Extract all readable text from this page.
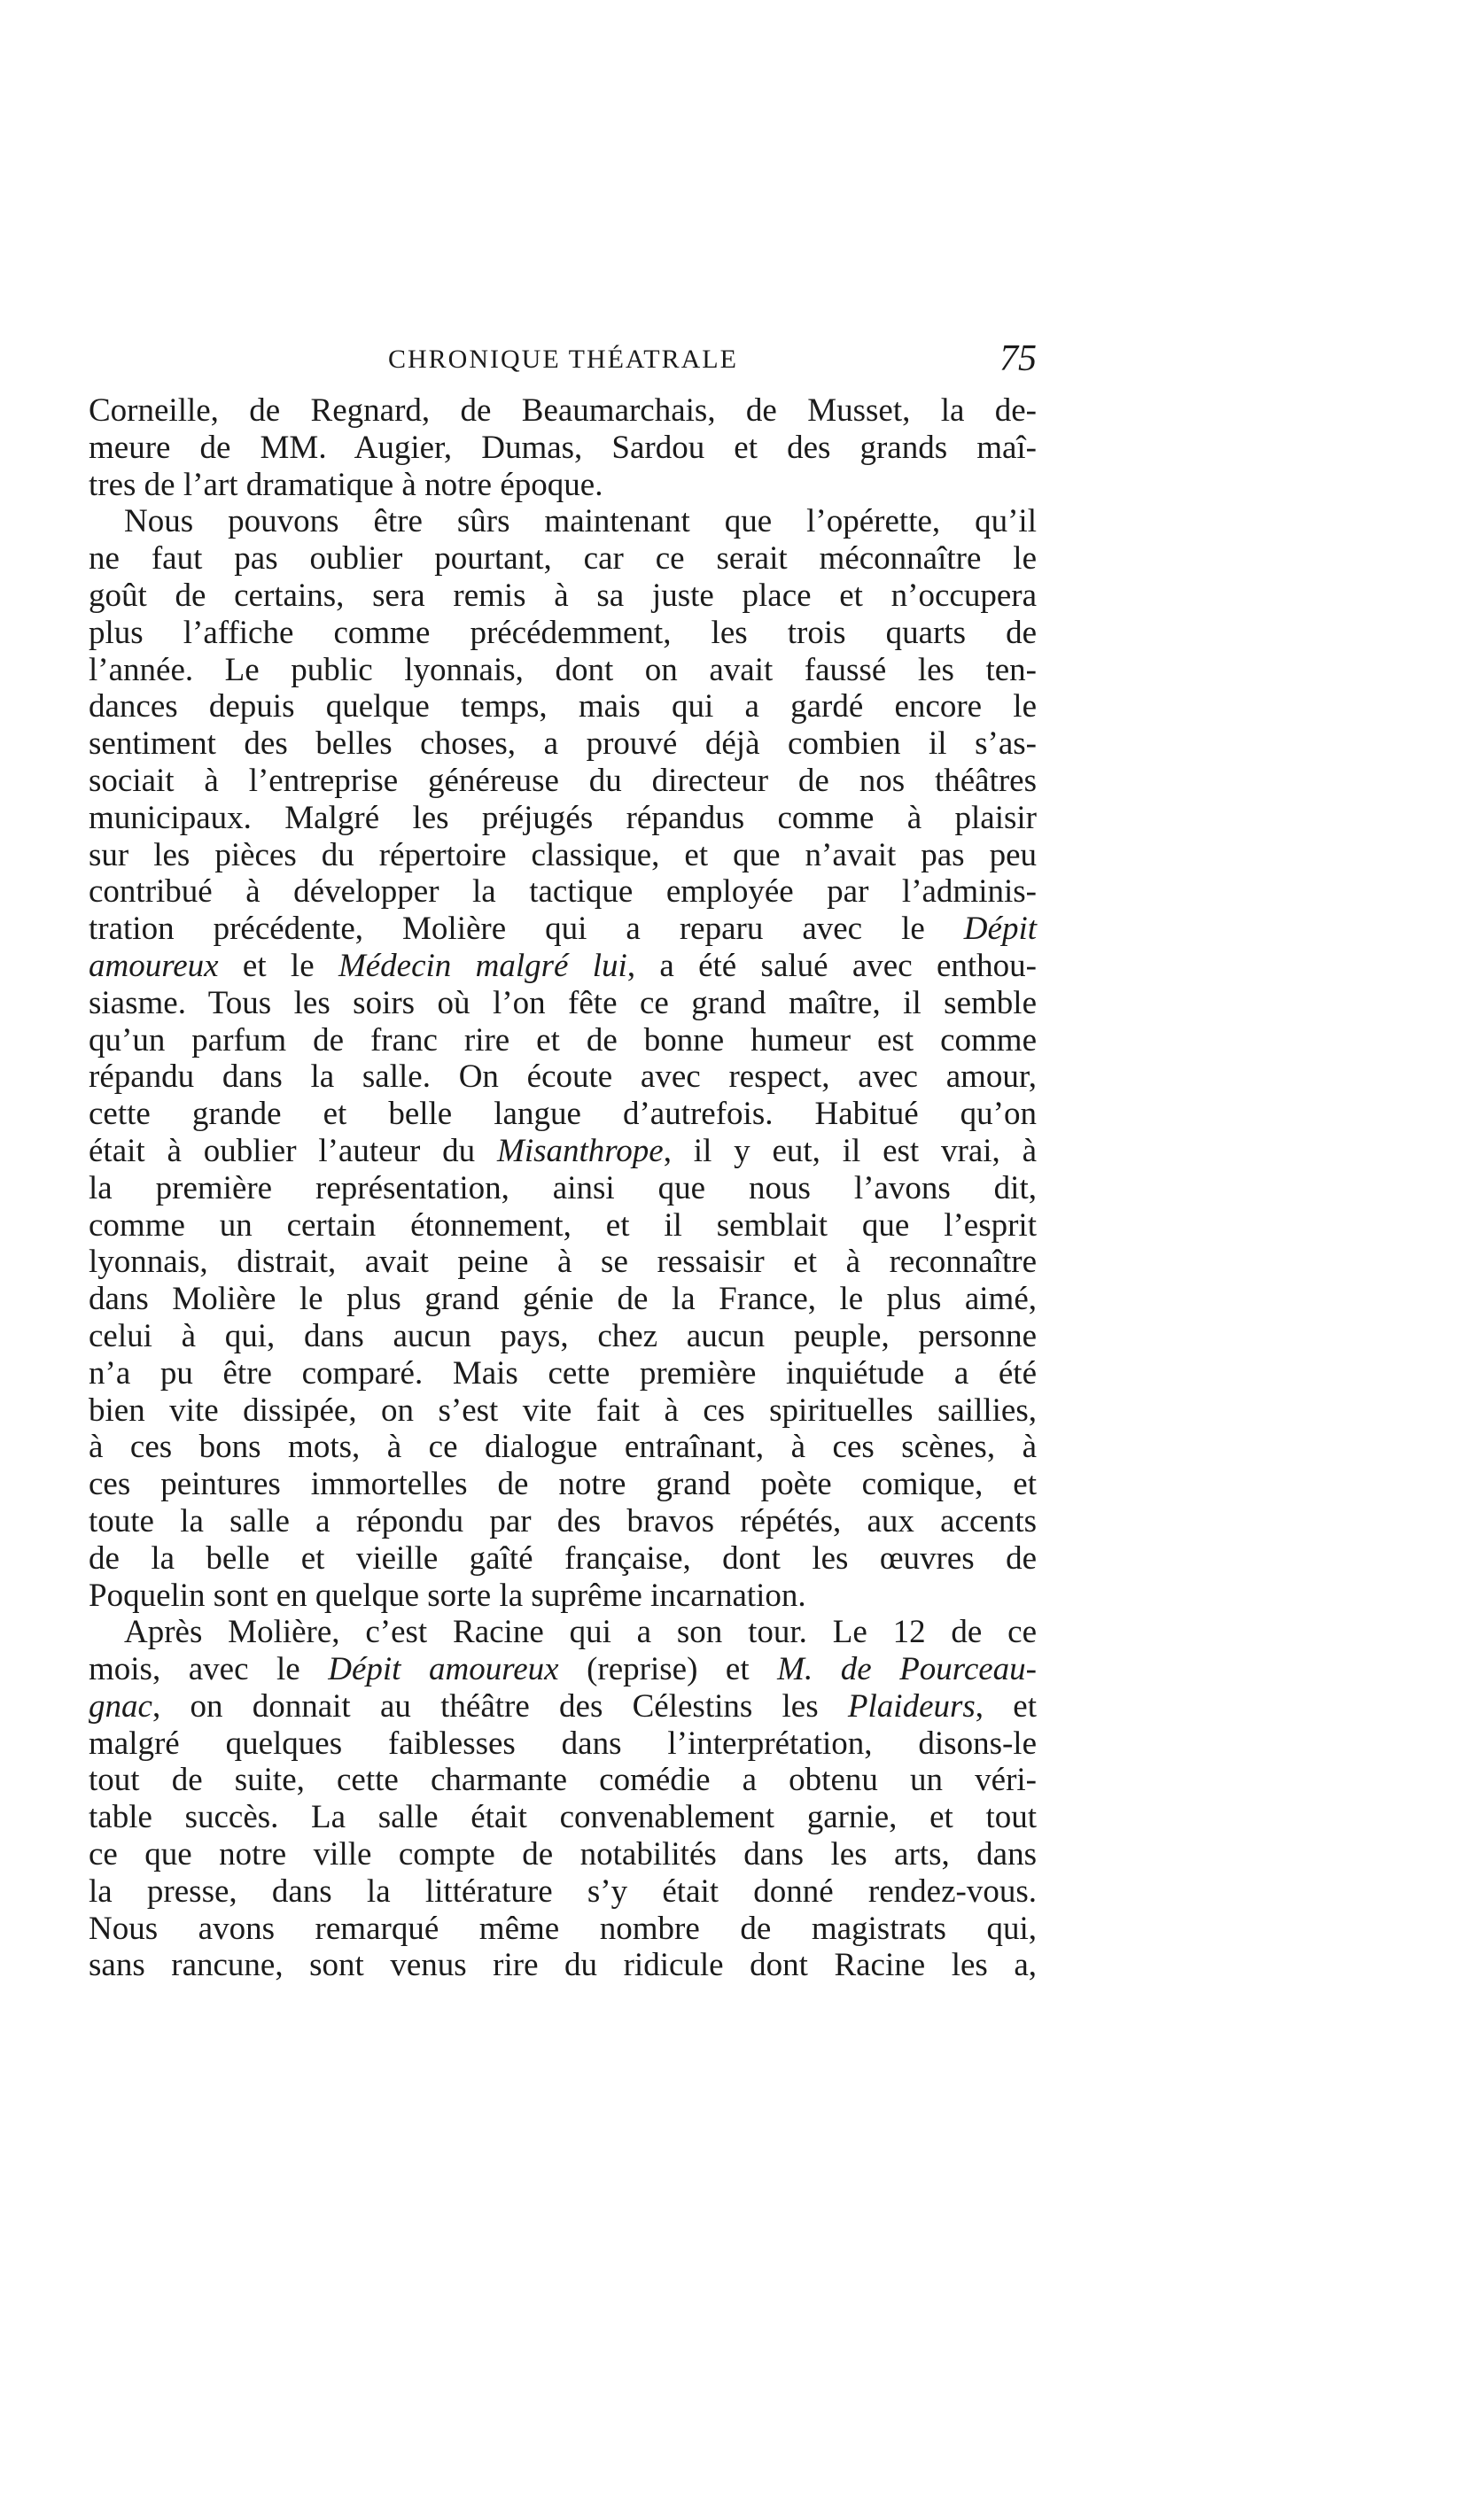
CHRONIQUE THÉATRALE	75
Corneille, de Regnard, de Beaumarchais, de Musset, la de-
meure de MM. Augier, Dumas, Sardou et des grands maî-
tres de l’art dramatique à notre époque.
Nous pouvons être sûrs maintenant que l’opérette, qu’il
ne faut pas oublier pourtant, car ce serait méconnaître le
goût de certains, sera remis à sa juste place et n’occupera
plus l’affiche comme précédemment, les trois quarts de
l’année. Le public lyonnais, dont on avait faussé les ten-
dances depuis quelque temps, mais qui a gardé encore le
sentiment des belles choses, a prouvé déjà combien il s’as-
sociait à l’entreprise généreuse du directeur de nos théâtres
municipaux. Malgré les préjugés répandus comme à plaisir
sur les pièces du répertoire classique, et que n’avait pas peu
contribué à développer la tactique employée par l’adminis-
tration précédente, Molière qui a reparu avec le Dépit
amoureux et le Médecin malgré lui, a été salué avec enthou-
siasme. Tous les soirs où l’on fête ce grand maître, il semble
qu’un parfum de franc rire et de bonne humeur est comme
répandu dans la salle. On écoute avec respect, avec amour,
cette grande et belle langue d’autrefois. Habitué qu’on
était à oublier l’auteur du Misanthrope, il y eut, il est vrai, à
la première représentation, ainsi que nous l’avons dit,
comme un certain étonnement, et il semblait que l’esprit
lyonnais, distrait, avait peine à se ressaisir et à reconnaître
dans Molière le plus grand génie de la France, le plus aimé,
celui à qui, dans aucun pays, chez aucun peuple, personne
n’a pu être comparé. Mais cette première inquiétude a été
bien vite dissipée, on s’est vite fait à ces spirituelles saillies,
à ces bons mots, à ce dialogue entraînant, à ces scènes, à
ces peintures immortelles de notre grand poète comique, et
toute la salle a répondu par des bravos répétés, aux accents
de la belle et vieille gaîté française, dont les œuvres de
Poquelin sont en quelque sorte la suprême incarnation.
Après Molière, c’est Racine qui a son tour. Le 12 de ce
mois, avec le Dépit amoureux (reprise) et M. de Pourceau-
gnac, on donnait au théâtre des Célestins les Plaideurs, et
malgré quelques faiblesses dans l’interprétation, disons-le
tout de suite, cette charmante comédie a obtenu un véri-
table succès. La salle était convenablement garnie, et tout
ce que notre ville compte de notabilités dans les arts, dans
la presse, dans la littérature s’y était donné rendez-vous.
Nous avons remarqué même nombre de magistrats qui,
sans rancune, sont venus rire du ridicule dont Racine les a,
